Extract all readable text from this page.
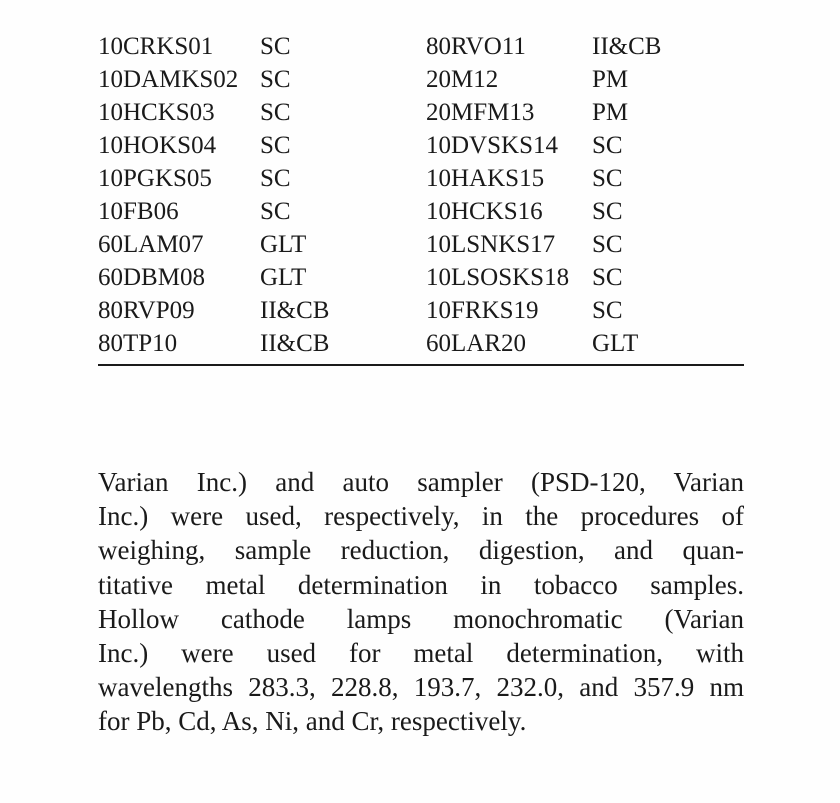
10CRKS01	SC	80RVO11	II&CB
10DAMKS02	SC	20M12	PM
10HCKS03	SC	20MFM13	PM
10HOKS04	SC	10DVSKS14	SC
10PGKS05	SC	10HAKS15	SC
10FB06	SC	10HCKS16	SC
60LAM07	GLT	10LSNKS17	SC
60DBM08	GLT	10LSOSKS18	SC
80RVP09	II&CB	10FRKS19	SC
80TP10	II&CB	60LAR20	GLT
Varian Inc.) and auto sampler (PSD-120, Varian
Inc.) were used, respectively, in the procedures of
weighing, sample reduction, digestion, and quan-
titative metal determination in tobacco samples.
Hollow cathode lamps monochromatic (Varian
Inc.) were used for metal determination, with
wavelengths 283.3, 228.8, 193.7, 232.0, and 357.9 nm
for Pb, Cd, As, Ni, and Cr, respectively.
